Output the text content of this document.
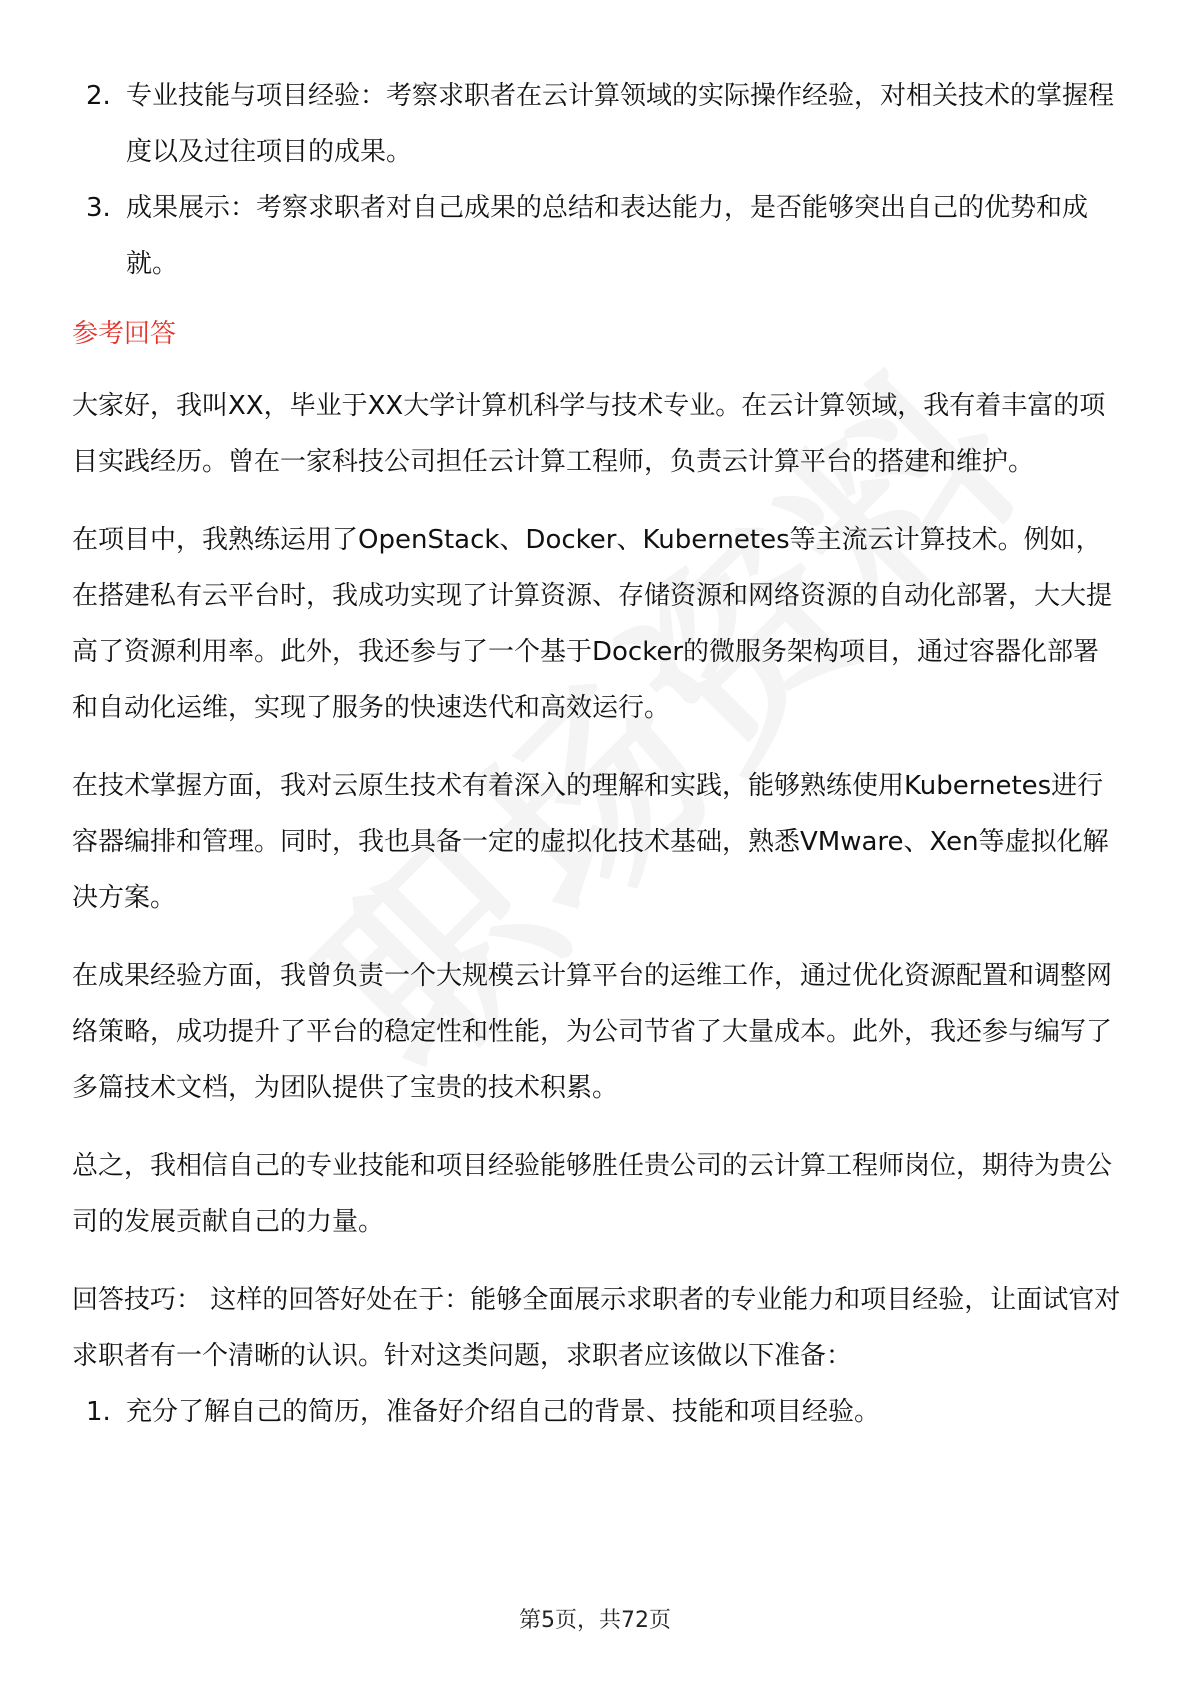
2. 专业技能与项目经验：考察求职者在云计算领域的实际操作经验，对相关技术的掌握程度以及过往项目的成果。
3. 成果展示：考察求职者对自己成果的总结和表达能力，是否能够突出自己的优势和成就。
参考回答

大家好，我叫XX，毕业于XX大学计算机科学与技术专业。在云计算领域，我有着丰富的项目实践经历。曾在一家科技公司担任云计算工程师，负责云计算平台的搭建和维护。

在项目中，我熟练运用了OpenStack、Docker、Kubernetes等主流云计算技术。例如，在搭建私有云平台时，我成功实现了计算资源、存储资源和网络资源的自动化部署，大大提高了资源利用率。此外，我还参与了一个基于Docker的微服务架构项目，通过容器化部署和自动化运维，实现了服务的快速迭代和高效运行。

在技术掌握方面，我对云原生技术有着深入的理解和实践，能够熟练使用Kubernetes进行容器编排和管理。同时，我也具备一定的虚拟化技术基础，熟悉VMware、Xen等虚拟化解决方案。

在成果经验方面，我曾负责一个大规模云计算平台的运维工作，通过优化资源配置和调整网络策略，成功提升了平台的稳定性和性能，为公司节省了大量成本。此外，我还参与编写了多篇技术文档，为团队提供了宝贵的技术积累。

总之，我相信自己的专业技能和项目经验能够胜任贵公司的云计算工程师岗位，期待为贵公司的发展贡献自己的力量。

回答技巧： 这样的回答好处在于：能够全面展示求职者的专业能力和项目经验，让面试官对求职者有一个清晰的认识。针对这类问题，求职者应该做以下准备：

1. 充分了解自己的简历，准备好介绍自己的背景、技能和项目经验。
第5页，共72页
